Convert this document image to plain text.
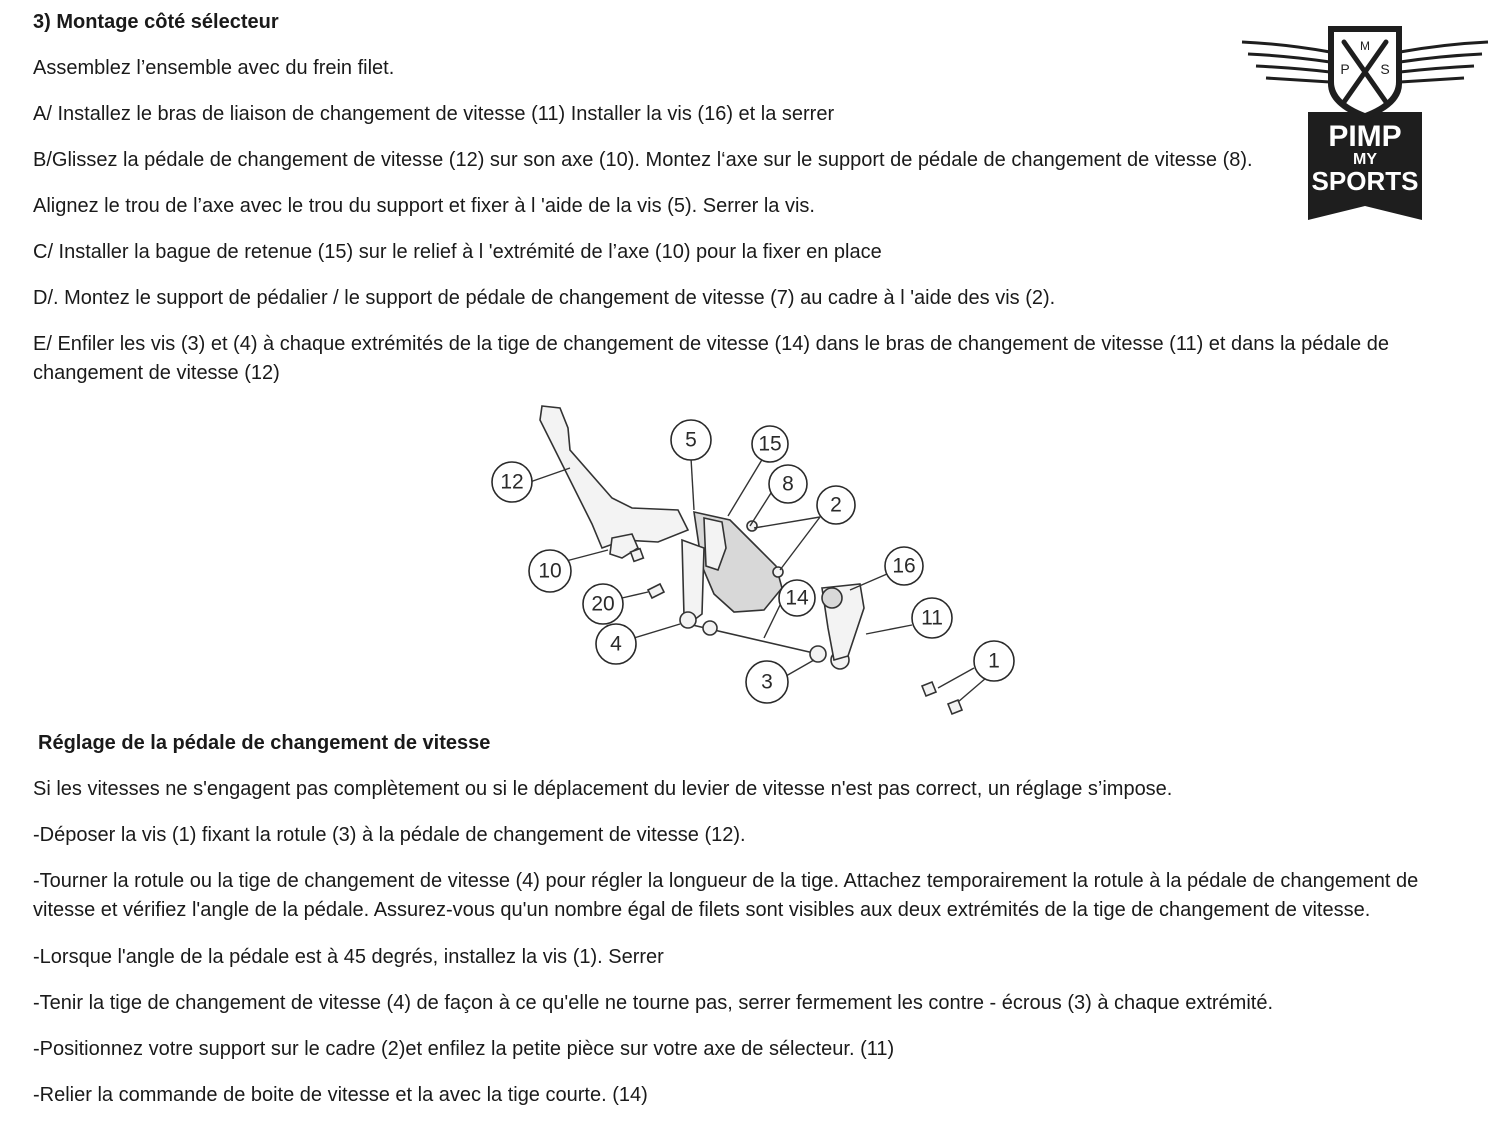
3) Montage côté sélecteur
Assemblez l’ensemble avec du frein filet.
A/ Installez le bras de liaison de changement de vitesse (11) Installer la vis (16) et la serrer
B/Glissez la pédale de changement de vitesse (12) sur son axe (10). Montez l‘axe sur le support de pédale de changement de vitesse (8).
Alignez le trou de l’axe avec le trou du support et fixer à l 'aide de la vis (5). Serrer la vis.
C/ Installer la bague de retenue (15) sur le relief à l 'extrémité de l’axe (10) pour la fixer en place
D/. Montez le support de pédalier / le support de pédale de changement de vitesse (7) au cadre à l 'aide des vis (2).
E/ Enfiler les vis (3) et (4) à chaque extrémités de la tige de changement de vitesse (14) dans le bras de changement de vitesse (11) et dans la pédale de changement de vitesse (12)
M
P S
PIMP
MY
SPORTS
12
5	15
8
2
10
20	14
16
11
4
3
1
Réglage de la pédale de changement de vitesse
Si les vitesses ne s'engagent pas complètement ou si le déplacement du levier de vitesse n'est pas correct, un réglage s’impose.
-Déposer la vis (1) fixant la rotule (3) à la pédale de changement de vitesse (12).
-Tourner la rotule ou la tige de changement de vitesse (4) pour régler la longueur de la tige. Attachez temporairement la rotule à la pédale de changement de vitesse et vérifiez l'angle de la pédale. Assurez-vous qu'un nombre égal de filets sont visibles aux deux extrémités de la tige de changement de vitesse.
-Lorsque l'angle de la pédale est à 45 degrés, installez la vis (1). Serrer
-Tenir la tige de changement de vitesse (4) de façon à ce qu'elle ne tourne pas, serrer fermement les contre - écrous (3) à chaque extrémité.
-Positionnez votre support sur le cadre (2)et enfilez la petite pièce sur votre axe de sélecteur. (11)
-Relier la commande de boite de vitesse et la avec la tige courte. (14)
